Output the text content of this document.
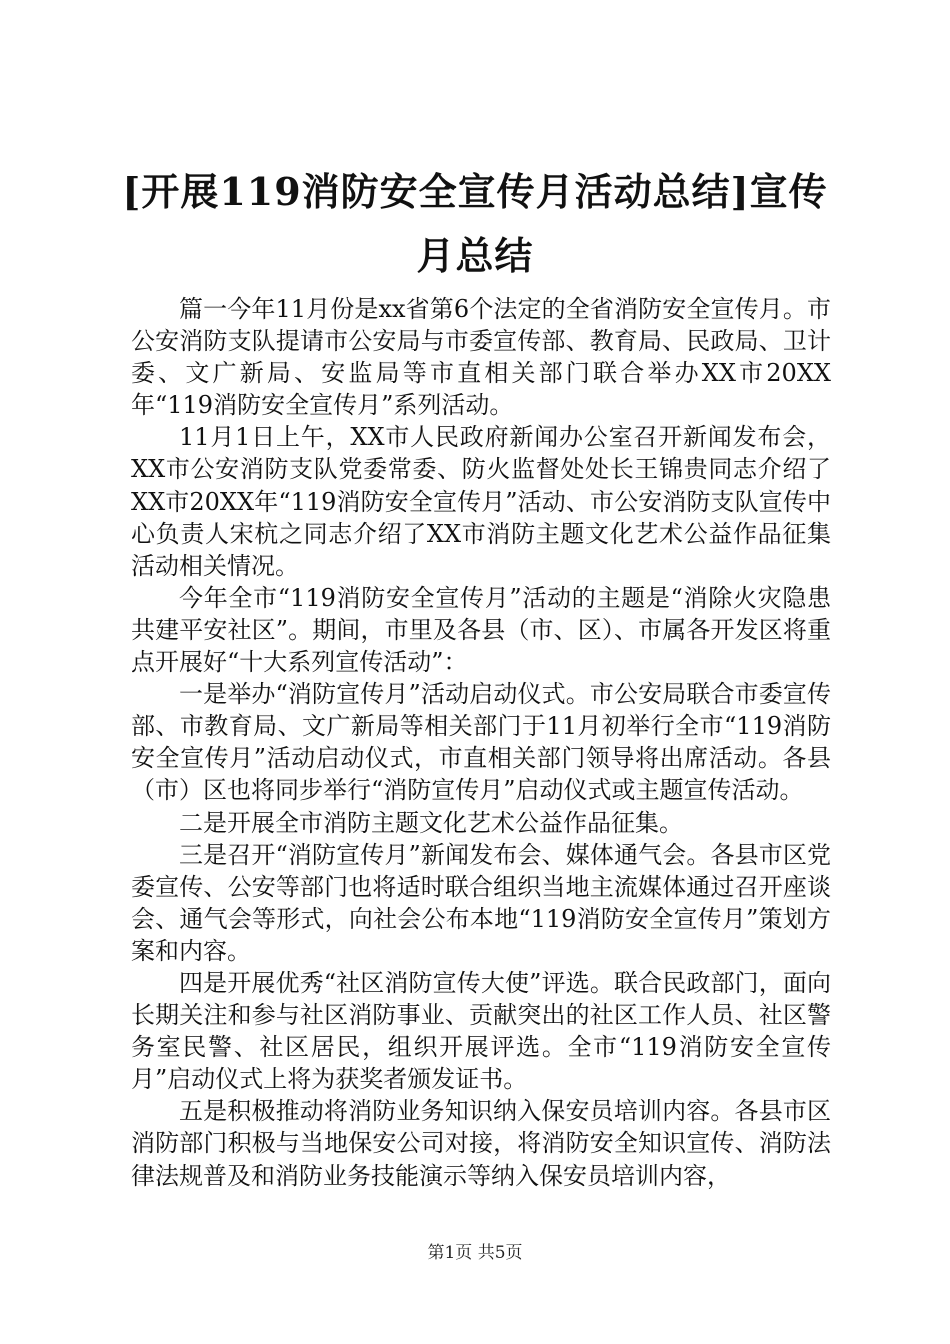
[开展119消防安全宣传月活动总结]宣传月总结

篇一今年11月份是xx省第6个法定的全省消防安全宣传月。市公安消防支队提请市公安局与市委宣传部、教育局、民政局、卫计委、文广新局、安监局等市直相关部门联合举办XX市20XX年“119消防安全宣传月”系列活动。

11月1日上午，XX市人民政府新闻办公室召开新闻发布会，XX市公安消防支队党委常委、防火监督处处长王锦贵同志介绍了XX市20XX年“119消防安全宣传月”活动、市公安消防支队宣传中心负责人宋杭之同志介绍了XX市消防主题文化艺术公益作品征集活动相关情况。

今年全市“119消防安全宣传月”活动的主题是“消除火灾隐患共建平安社区”。期间，市里及各县（市、区）、市属各开发区将重点开展好“十大系列宣传活动”：

一是举办“消防宣传月”活动启动仪式。市公安局联合市委宣传部、市教育局、文广新局等相关部门于11月初举行全市“119消防安全宣传月”活动启动仪式，市直相关部门领导将出席活动。各县（市）区也将同步举行“消防宣传月”启动仪式或主题宣传活动。

二是开展全市消防主题文化艺术公益作品征集。

三是召开“消防宣传月”新闻发布会、媒体通气会。各县市区党委宣传、公安等部门也将适时联合组织当地主流媒体通过召开座谈会、通气会等形式，向社会公布本地“119消防安全宣传月”策划方案和内容。

四是开展优秀“社区消防宣传大使”评选。联合民政部门，面向长期关注和参与社区消防事业、贡献突出的社区工作人员、社区警务室民警、社区居民，组织开展评选。全市“119消防安全宣传月”启动仪式上将为获奖者颁发证书。

五是积极推动将消防业务知识纳入保安员培训内容。各县市区消防部门积极与当地保安公司对接，将消防安全知识宣传、消防法律法规普及和消防业务技能演示等纳入保安员培训内容，

第1页 共5页
